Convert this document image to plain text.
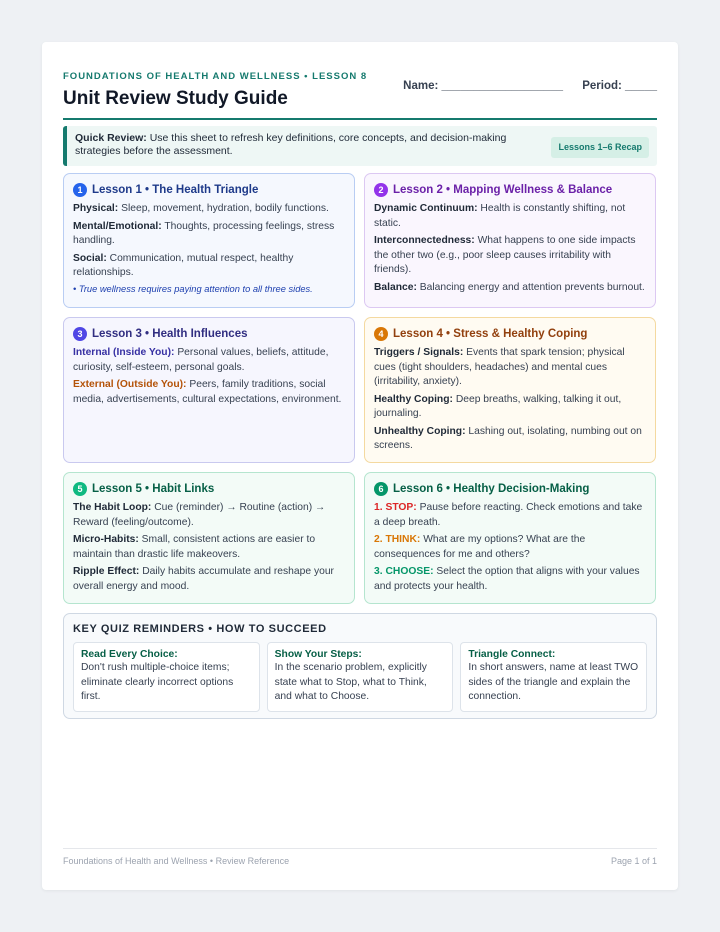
FOUNDATIONS OF HEALTH AND WELLNESS • LESSON 8
Unit Review Study Guide
Name: ___________________ Period: _____
Quick Review: Use this sheet to refresh key definitions, core concepts, and decision-making strategies before the assessment.	Lessons 1–6 Recap
1 Lesson 1 • The Health Triangle
Physical: Sleep, movement, hydration, bodily functions.
Mental/Emotional: Thoughts, processing feelings, stress handling.
Social: Communication, mutual respect, healthy relationships.
• True wellness requires paying attention to all three sides.
2 Lesson 2 • Mapping Wellness & Balance
Dynamic Continuum: Health is constantly shifting, not static.
Interconnectedness: What happens to one side impacts the other two (e.g., poor sleep causes irritability with friends).
Balance: Balancing energy and attention prevents burnout.
3 Lesson 3 • Health Influences
Internal (Inside You): Personal values, beliefs, attitude, curiosity, self-esteem, personal goals.
External (Outside You): Peers, family traditions, social media, advertisements, cultural expectations, environment.
4 Lesson 4 • Stress & Healthy Coping
Triggers / Signals: Events that spark tension; physical cues (tight shoulders, headaches) and mental cues (irritability, anxiety).
Healthy Coping: Deep breaths, walking, talking it out, journaling.
Unhealthy Coping: Lashing out, isolating, numbing out on screens.
5 Lesson 5 • Habit Links
The Habit Loop: Cue (reminder) → Routine (action) → Reward (feeling/outcome).
Micro-Habits: Small, consistent actions are easier to maintain than drastic life makeovers.
Ripple Effect: Daily habits accumulate and reshape your overall energy and mood.
6 Lesson 6 • Healthy Decision-Making
1. STOP: Pause before reacting. Check emotions and take a deep breath.
2. THINK: What are my options? What are the consequences for me and others?
3. CHOOSE: Select the option that aligns with your values and protects your health.
KEY QUIZ REMINDERS • HOW TO SUCCEED
Read Every Choice:
Don't rush multiple-choice items; eliminate clearly incorrect options first.
Show Your Steps:
In the scenario problem, explicitly state what to Stop, what to Think, and what to Choose.
Triangle Connect:
In short answers, name at least TWO sides of the triangle and explain the connection.
Foundations of Health and Wellness • Review Reference	Page 1 of 1
